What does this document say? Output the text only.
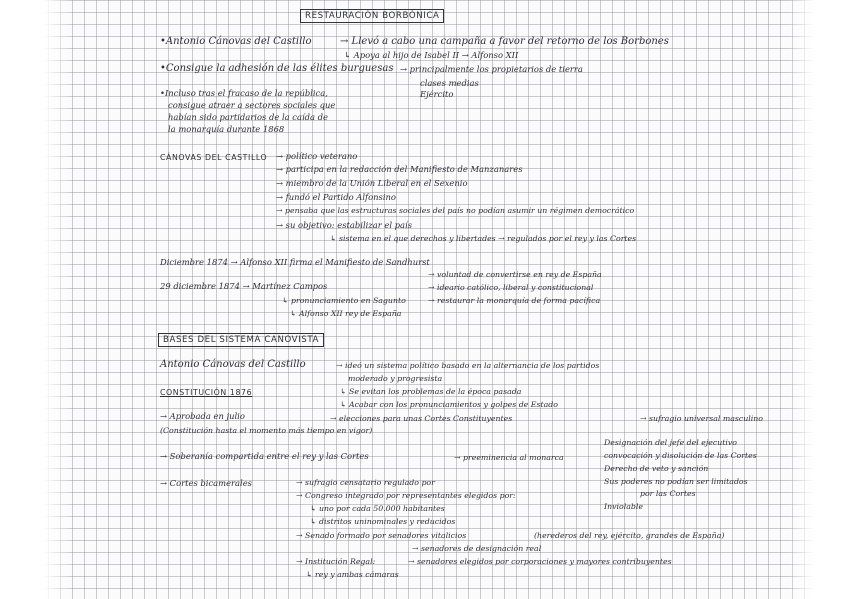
RESTAURACIÓN BORBÓNICA
•Antonio Cánovas del Castillo	→ Llevó a cabo una campaña a favor del retorno de los Borbones
↳ Apoya al hijo de Isabel II → Alfonso XII
•Consigue la adhesión de las élites burguesas → principalmente los propietarios de tierra
clases medias
Ejército
•Incluso tras el fracaso de la república,
consigue atraer a sectores sociales que
habían sido partidarios de la caída de
la monarquía durante 1868
CÁNOVAS DEL CASTILLO → político veterano
→ participa en la redacción del Manifiesto de Manzanares
→ miembro de la Unión Liberal en el Sexenio
→ fundó el Partido Alfonsino
→ pensaba que las estructuras sociales del país no podían asumir un régimen democrático
→ su objetivo: estabilizar el país
↳ sistema en el que derechos y libertades → regulados por el rey y las Cortes
Diciembre 1874 → Alfonso XII firma el Manifiesto de Sandhurst
→ voluntad de convertirse en rey de España
→ ideario católico, liberal y constitucional
→ restaurar la monarquía de forma pacífica
29 diciembre 1874 → Martínez Campos
↳ pronunciamiento en Sagunto
↳ Alfonso XII rey de España
BASES DEL SISTEMA CANOVISTA
Antonio Cánovas del Castillo	→ ideó un sistema político basado en la alternancia de los partidos
moderado y progresista
↳ Se evitan los problemas de la época pasada
↳ Acabar con los pronunciamientos y golpes de Estado
CONSTITUCIÓN 1876
→ Aprobada en julio	→ elecciones para unas Cortes Constituyentes	→ sufragio universal masculino
(Constitución hasta el momento más tiempo en vigor)
→ Soberanía compartida entre el rey y las Cortes	→ preeminencia al monarca
Designación del jefe del ejecutivo
convocación y disolución de las Cortes
Derecho de veto y sanción
Sus poderes no podían ser limitados
por las Cortes
Inviolable
→ Cortes bicamerales	→ sufragio censatario regulado por
→ Congreso integrado por representantes elegidos por:
↳ uno por cada 50.000 habitantes
↳ distritos uninominales y reducidos
→ Senado formado por senadores vitalicios	(herederos del rey, ejército, grandes de España)
→ senadores de designación real
→ Institución Regal:	→ senadores elegidos por corporaciones y mayores contribuyentes
↳ rey y ambas cámaras
